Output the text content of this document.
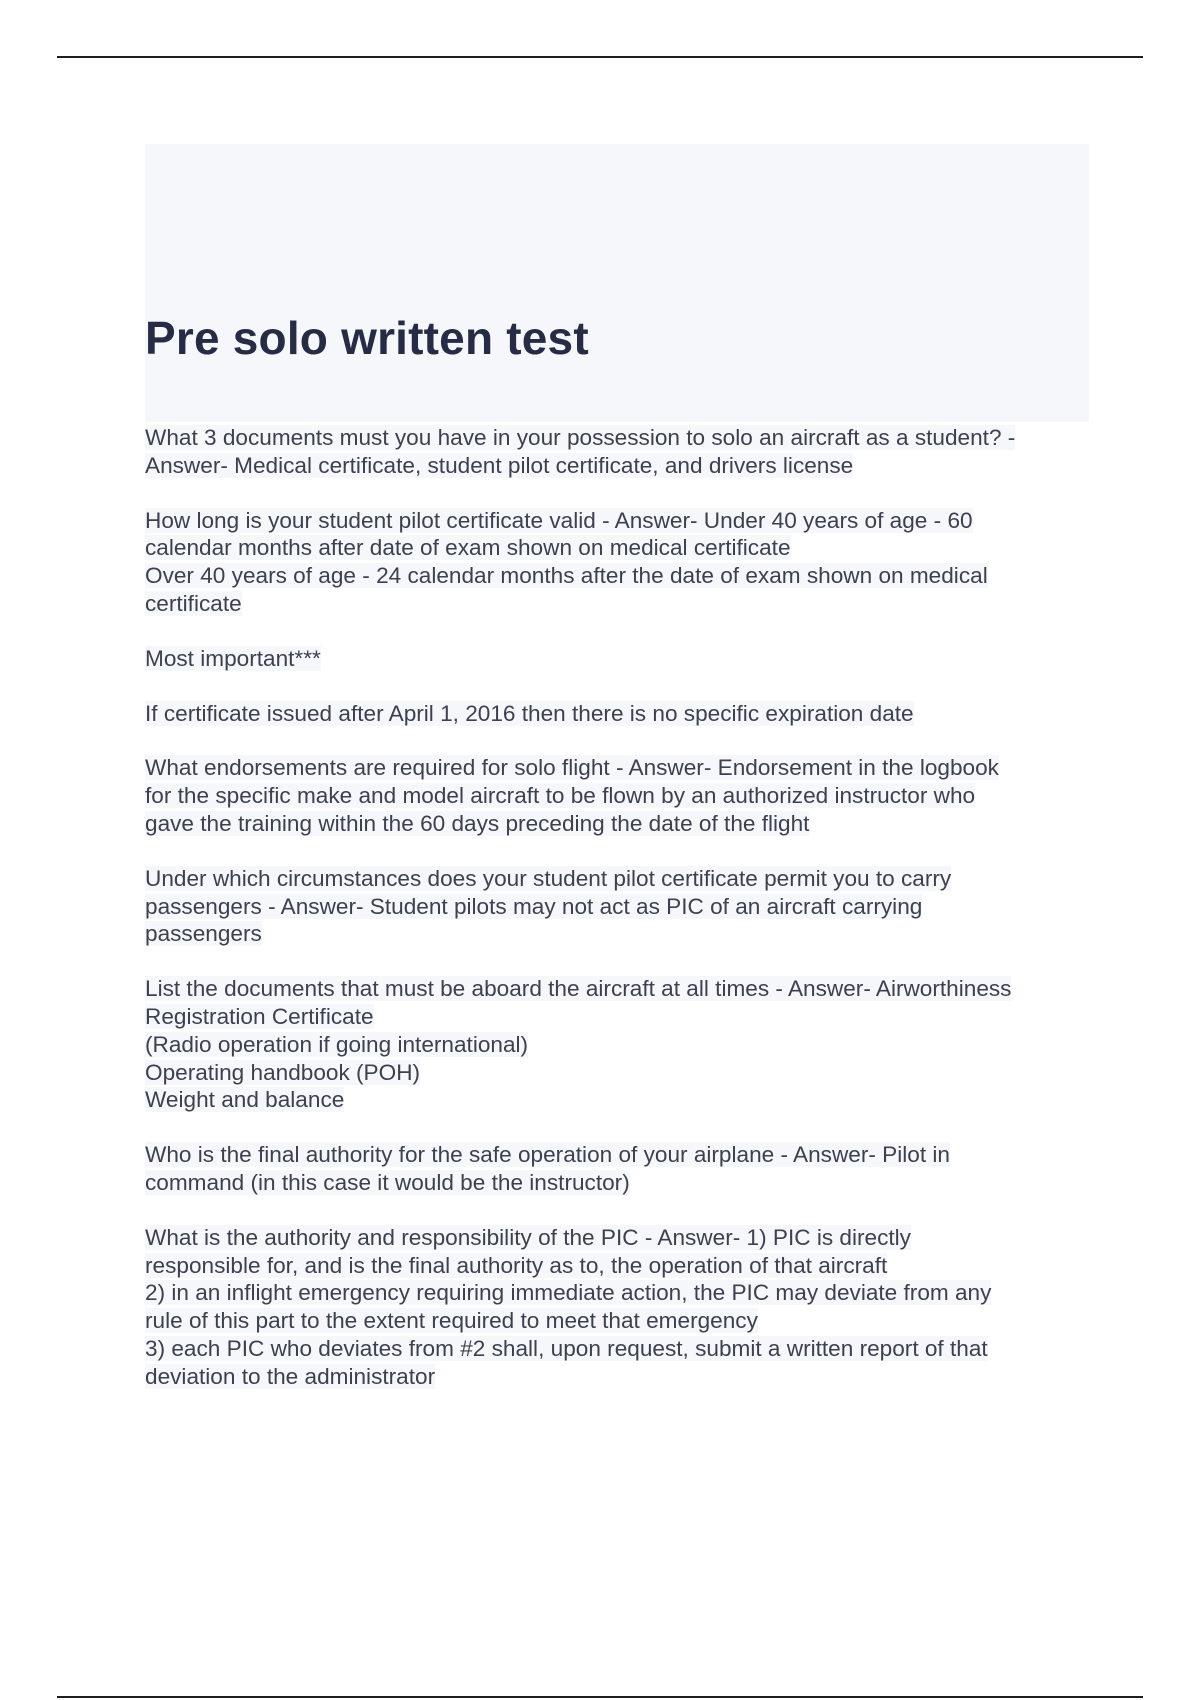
Pre solo written test
What 3 documents must you have in your possession to solo an aircraft as a student? -
Answer- Medical certificate, student pilot certificate, and drivers license
How long is your student pilot certificate valid - Answer- Under 40 years of age - 60
calendar months after date of exam shown on medical certificate
Over 40 years of age - 24 calendar months after the date of exam shown on medical
certificate
Most important***
If certificate issued after April 1, 2016 then there is no specific expiration date
What endorsements are required for solo flight - Answer- Endorsement in the logbook
for the specific make and model aircraft to be flown by an authorized instructor who
gave the training within the 60 days preceding the date of the flight
Under which circumstances does your student pilot certificate permit you to carry
passengers - Answer- Student pilots may not act as PIC of an aircraft carrying
passengers
List the documents that must be aboard the aircraft at all times - Answer- Airworthiness
Registration Certificate
(Radio operation if going international)
Operating handbook (POH)
Weight and balance
Who is the final authority for the safe operation of your airplane - Answer- Pilot in
command (in this case it would be the instructor)
What is the authority and responsibility of the PIC - Answer- 1) PIC is directly
responsible for, and is the final authority as to, the operation of that aircraft
2) in an inflight emergency requiring immediate action, the PIC may deviate from any
rule of this part to the extent required to meet that emergency
3) each PIC who deviates from #2 shall, upon request, submit a written report of that
deviation to the administrator
